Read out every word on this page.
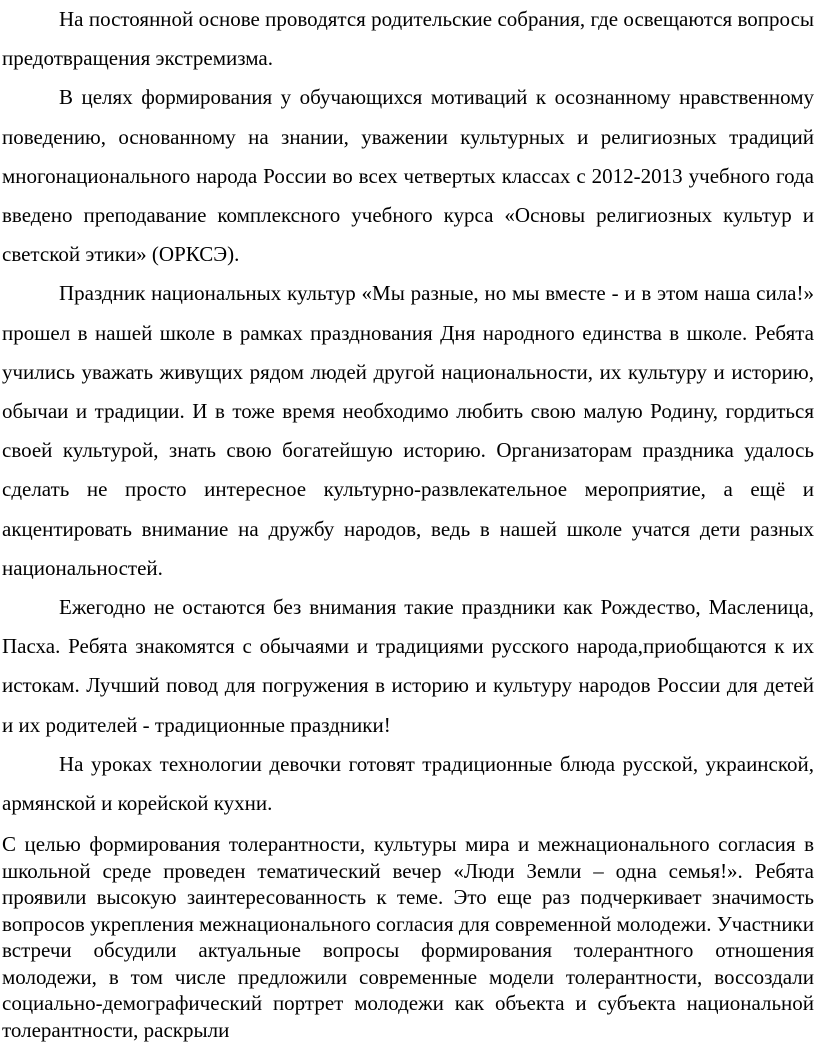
На постоянной основе проводятся родительские собрания, где освещаются вопросы предотвращения экстремизма.

В целях формирования у обучающихся мотиваций к осознанному нравственному поведению, основанному на знании, уважении культурных и религиозных традиций многонационального народа России во всех четвертых классах с 2012-2013 учебного года введено преподавание комплексного учебного курса «Основы религиозных культур и светской этики» (ОРКСЭ).

Праздник национальных культур «Мы разные, но мы вместе - и в этом наша сила!» прошел в нашей школе в рамках празднования Дня народного единства в школе. Ребята учились уважать живущих рядом людей другой национальности, их культуру и историю, обычаи и традиции. И в тоже время необходимо любить свою малую Родину, гордиться своей культурой, знать свою богатейшую историю. Организаторам праздника удалось сделать не просто интересное культурно-развлекательное мероприятие, а ещё и акцентировать внимание на дружбу народов, ведь в нашей школе учатся дети разных национальностей.

Ежегодно не остаются без внимания такие праздники как Рождество, Масленица, Пасха. Ребята знакомятся с обычаями и традициями русского народа,приобщаются к их истокам. Лучший повод для погружения в историю и культуру народов России для детей и их родителей - традиционные праздники!

На уроках технологии девочки готовят традиционные блюда русской, украинской, армянской и корейской кухни.

С целью формирования толерантности, культуры мира и межнационального согласия в школьной среде проведен тематический вечер «Люди Земли – одна семья!». Ребята проявили высокую заинтересованность к теме. Это еще раз подчеркивает значимость вопросов укрепления межнационального согласия для современной молодежи. Участники встречи обсудили актуальные вопросы формирования толерантного отношения молодежи, в том числе предложили современные модели толерантности, воссоздали социально-демографический портрет молодежи как объекта и субъекта национальной толерантности, раскрыли
